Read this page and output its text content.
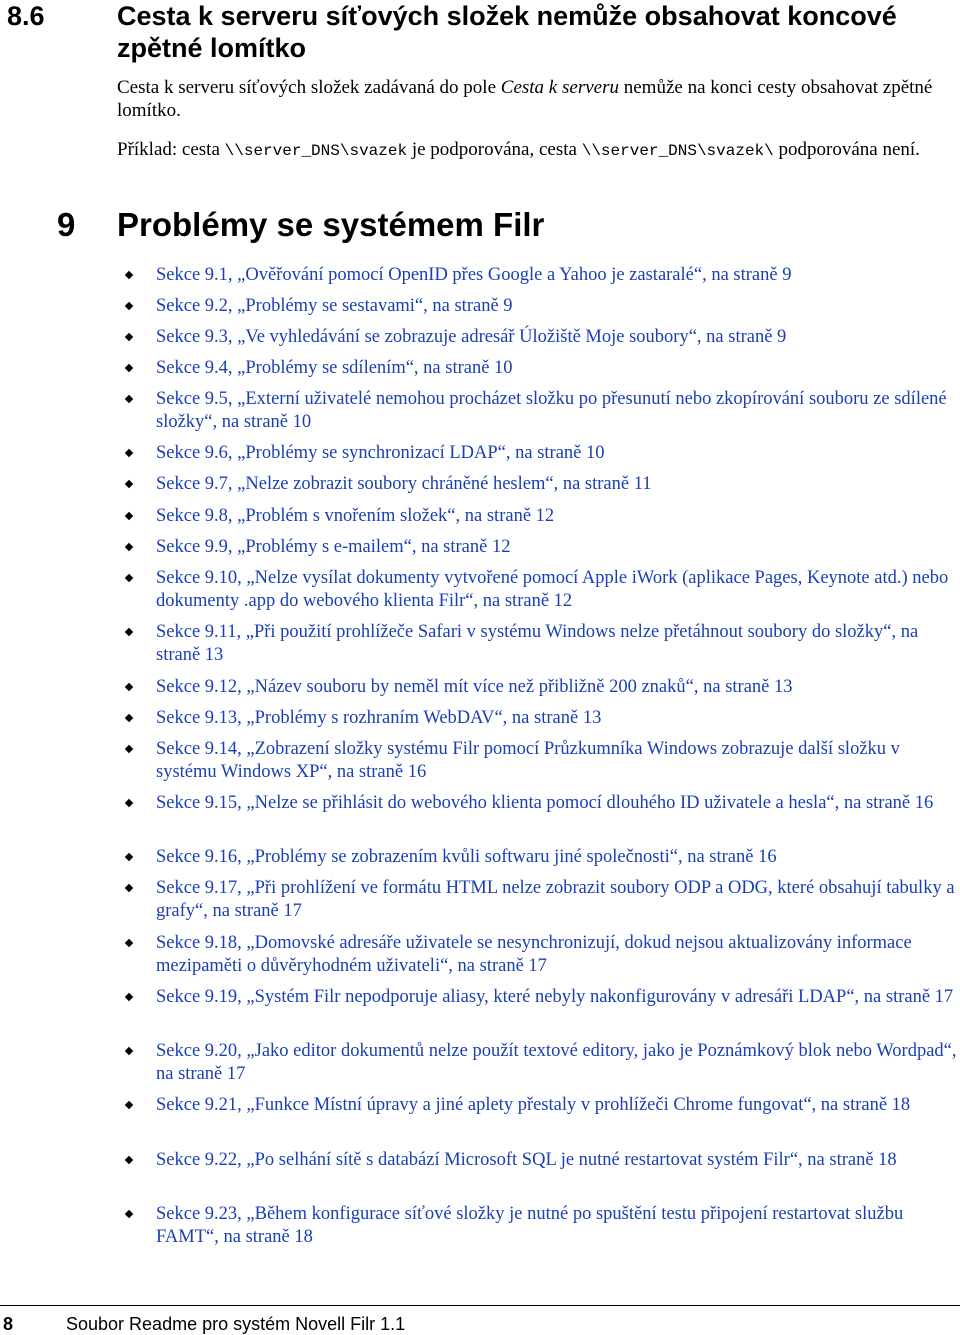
8.6	Cesta k serveru síťových složek nemůže obsahovat koncové zpětné lomítko

Cesta k serveru síťových složek zadávaná do pole Cesta k serveru nemůže na konci cesty obsahovat zpětné lomítko.

Příklad: cesta \\server_DNS\svazek je podporována, cesta \\server_DNS\svazek\ podporována není.

9 Problémy se systémem Filr
Sekce 9.1, „Ověřování pomocí OpenID přes Google a Yahoo je zastaralé“, na straně 9
Sekce 9.2, „Problémy se sestavami“, na straně 9
Sekce 9.3, „Ve vyhledávání se zobrazuje adresář Úložiště Moje soubory“, na straně 9
Sekce 9.4, „Problémy se sdílením“, na straně 10
Sekce 9.5, „Externí uživatelé nemohou procházet složku po přesunutí nebo zkopírování souboru ze sdílené složky“, na straně 10
Sekce 9.6, „Problémy se synchronizací LDAP“, na straně 10
Sekce 9.7, „Nelze zobrazit soubory chráněné heslem“, na straně 11
Sekce 9.8, „Problém s vnořením složek“, na straně 12
Sekce 9.9, „Problémy s e-mailem“, na straně 12
Sekce 9.10, „Nelze vysílat dokumenty vytvořené pomocí Apple iWork (aplikace Pages, Keynote atd.) nebo dokumenty .app do webového klienta Filr“, na straně 12
Sekce 9.11, „Při použití prohlížeče Safari v systému Windows nelze přetáhnout soubory do složky“, na straně 13
Sekce 9.12, „Název souboru by neměl mít více než přibližně 200 znaků“, na straně 13
Sekce 9.13, „Problémy s rozhraním WebDAV“, na straně 13
Sekce 9.14, „Zobrazení složky systému Filr pomocí Průzkumníka Windows zobrazuje další složku v systému Windows XP“, na straně 16
Sekce 9.15, „Nelze se přihlásit do webového klienta pomocí dlouhého ID uživatele a hesla“, na straně 16
Sekce 9.16, „Problémy se zobrazením kvůli softwaru jiné společnosti“, na straně 16
Sekce 9.17, „Při prohlížení ve formátu HTML nelze zobrazit soubory ODP a ODG, které obsahují tabulky a grafy“, na straně 17
Sekce 9.18, „Domovské adresáře uživatele se nesynchronizují, dokud nejsou aktualizovány informace mezipaměti o důvěryhodném uživateli“, na straně 17
Sekce 9.19, „Systém Filr nepodporuje aliasy, které nebyly nakonfigurovány v adresáři LDAP“, na straně 17
Sekce 9.20, „Jako editor dokumentů nelze použít textové editory, jako je Poznámkový blok nebo Wordpad“, na straně 17
Sekce 9.21, „Funkce Místní úpravy a jiné aplety přestaly v prohlížeči Chrome fungovat“, na straně 18
Sekce 9.22, „Po selhání sítě s databází Microsoft SQL je nutné restartovat systém Filr“, na straně 18
Sekce 9.23, „Během konfigurace síťové složky je nutné po spuštění testu připojení restartovat službu FAMT“, na straně 18
8	Soubor Readme pro systém Novell Filr 1.1
